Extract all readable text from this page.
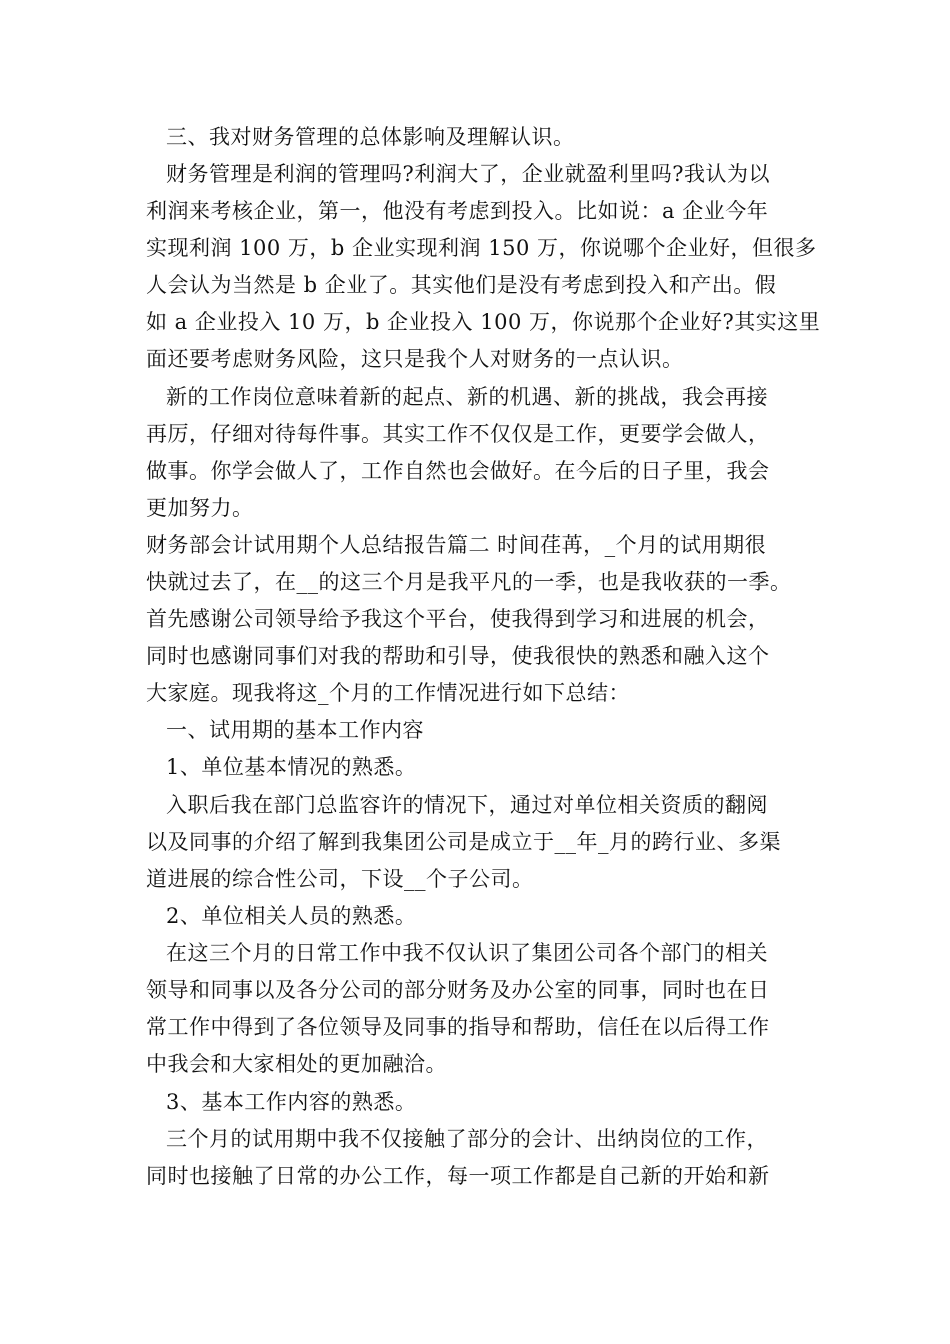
三、我对财务管理的总体影响及理解认识。
财务管理是利润的管理吗?利润大了，企业就盈利里吗?我认为以
利润来考核企业，第一，他没有考虑到投入。比如说：a 企业今年
实现利润 100 万，b 企业实现利润 150 万，你说哪个企业好，但很多
人会认为当然是 b 企业了。其实他们是没有考虑到投入和产出。假
如 a 企业投入 10 万，b 企业投入 100 万，你说那个企业好?其实这里
面还要考虑财务风险，这只是我个人对财务的一点认识。
新的工作岗位意味着新的起点、新的机遇、新的挑战，我会再接
再厉，仔细对待每件事。其实工作不仅仅是工作，更要学会做人，
做事。你学会做人了，工作自然也会做好。在今后的日子里，我会
更加努力。
财务部会计试用期个人总结报告篇二 时间荏苒，_个月的试用期很
快就过去了，在__的这三个月是我平凡的一季，也是我收获的一季。
首先感谢公司领导给予我这个平台，使我得到学习和进展的机会，
同时也感谢同事们对我的帮助和引导，使我很快的熟悉和融入这个
大家庭。现我将这_个月的工作情况进行如下总结：
一、试用期的基本工作内容
1、单位基本情况的熟悉。
入职后我在部门总监容许的情况下，通过对单位相关资质的翻阅
以及同事的介绍了解到我集团公司是成立于__年_月的跨行业、多渠
道进展的综合性公司，下设__个子公司。
2、单位相关人员的熟悉。
在这三个月的日常工作中我不仅认识了集团公司各个部门的相关
领导和同事以及各分公司的部分财务及办公室的同事，同时也在日
常工作中得到了各位领导及同事的指导和帮助，信任在以后得工作
中我会和大家相处的更加融洽。
3、基本工作内容的熟悉。
三个月的试用期中我不仅接触了部分的会计、出纳岗位的工作，
同时也接触了日常的办公工作，每一项工作都是自己新的开始和新
